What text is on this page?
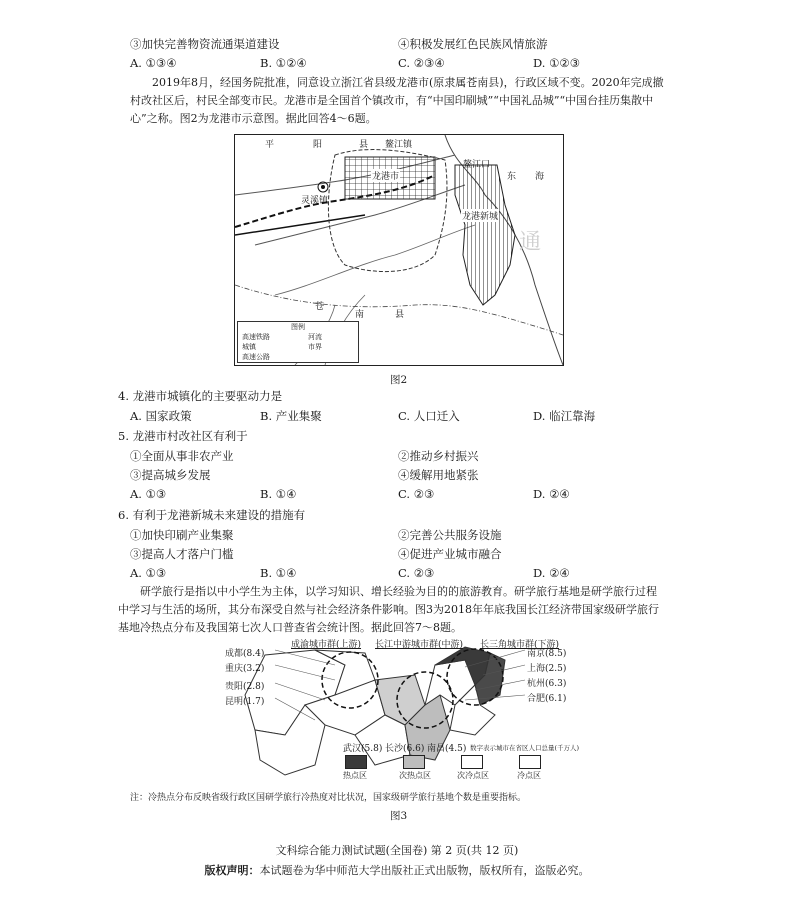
③加快完善物资流通渠道建设	④积极发展红色民族风情旅游
A. ①③④	B. ①②④	C. ②③④	D. ①②③
2019年8月，经国务院批准，同意设立浙江省县级龙港市(原隶属苍南县)，行政区域不变。2020年完成撤村改社区后，村民全部变市民。龙港市是全国首个镇改市，有“中国印刷城”“中国礼品城”“中国台挂历集散中心”之称。图2为龙港市示意图。据此回答4～6题。
平	阳	县 鳌江镇
龙港市
鳌江口
东 海
龙港新城
灵溪镇
苍
南	县
通
图例
高速铁路	河流
城镇	市界
高速公路
图2
4. 龙港市城镇化的主要驱动力是
A. 国家政策	B. 产业集聚	C. 人口迁入	D. 临江靠海
5. 龙港市村改社区有利于
①全面从事非农产业	②推动乡村振兴
③提高城乡发展	④缓解用地紧张
A. ①③	B. ①④	C. ②③	D. ②④
6. 有利于龙港新城未来建设的措施有
①加快印刷产业集聚	②完善公共服务设施
③提高人才落户门槛	④促进产业城市融合
A. ①③	B. ①④	C. ②③	D. ②④
研学旅行是指以中小学生为主体，以学习知识、增长经验为目的的旅游教育。研学旅行基地是研学旅行过程中学习与生活的场所，其分布深受自然与社会经济条件影响。图3为2018年年底我国长江经济带国家级研学旅行基地冷热点分布及我国第七次人口普查省会统计图。据此回答7～8题。
成渝城市群(上游) 长江中游城市群(中游) 长三角城市群(下游)
成都(8.4)
重庆(3.2)
贵阳(2.8)
昆明(1.7)
南京(8.5)
上海(2.5)
杭州(6.3)
合肥(6.1)
武汉(5.8) 长沙(6.6) 南昌(4.5) 数字表示城市在省区人口总量(千万人)
热点区	次热点区	次冷点区	冷点区
注：冷热点分布反映省级行政区国研学旅行冷热度对比状况，国家级研学旅行基地个数是重要指标。
图3
文科综合能力测试试题(全国卷) 第 2 页(共 12 页)
版权声明：本试题卷为华中师范大学出版社正式出版物，版权所有，盗版必究。
